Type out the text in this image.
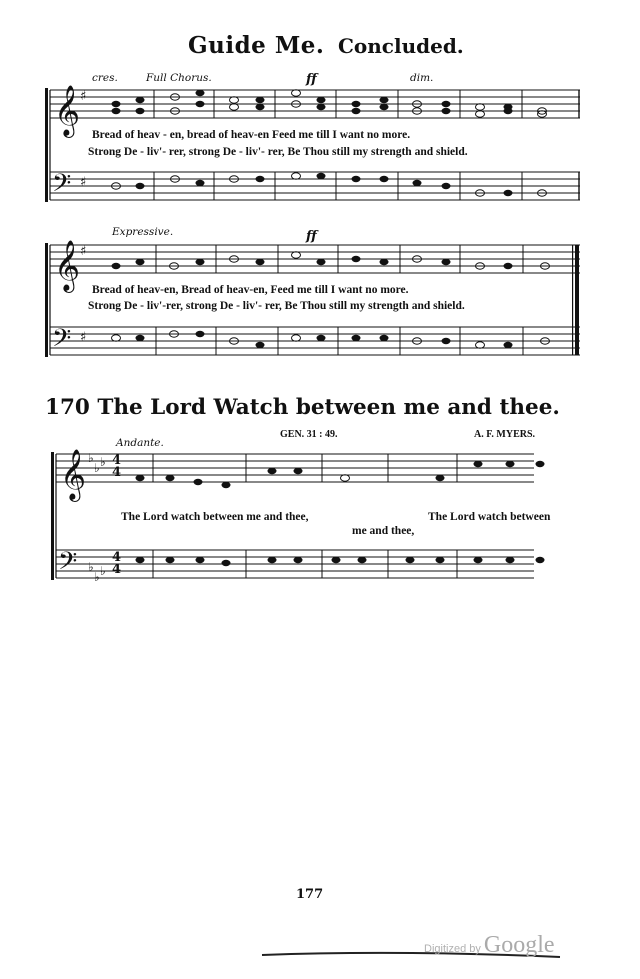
Guide Me. Concluded.
𝄞
𝄢
♯
♯
𝄞
𝄢
♯
♯
𝄞
𝄢
♭
♭ ♭
♭
♭ ♭
cres.	Full Chorus.	ff	dim.
Bread of heav - en, bread of heav-en Feed me till I want no more.
Strong De - liv'- rer, strong De - liv'- rer, Be Thou still my strength and shield.
Expressive.	ff
Bread of heav-en, Bread of heav-en, Feed me till I want no more.
Strong De - liv'-rer, strong De - liv'- rer, Be Thou still my strength and shield.
170 The Lord Watch between me and thee.
GEN. 31 : 49.	A. F. MYERS.
Andante.
4
4
4
4
The Lord watch between me and thee,	The Lord watch between
me and thee,
177
Digitized by Google
